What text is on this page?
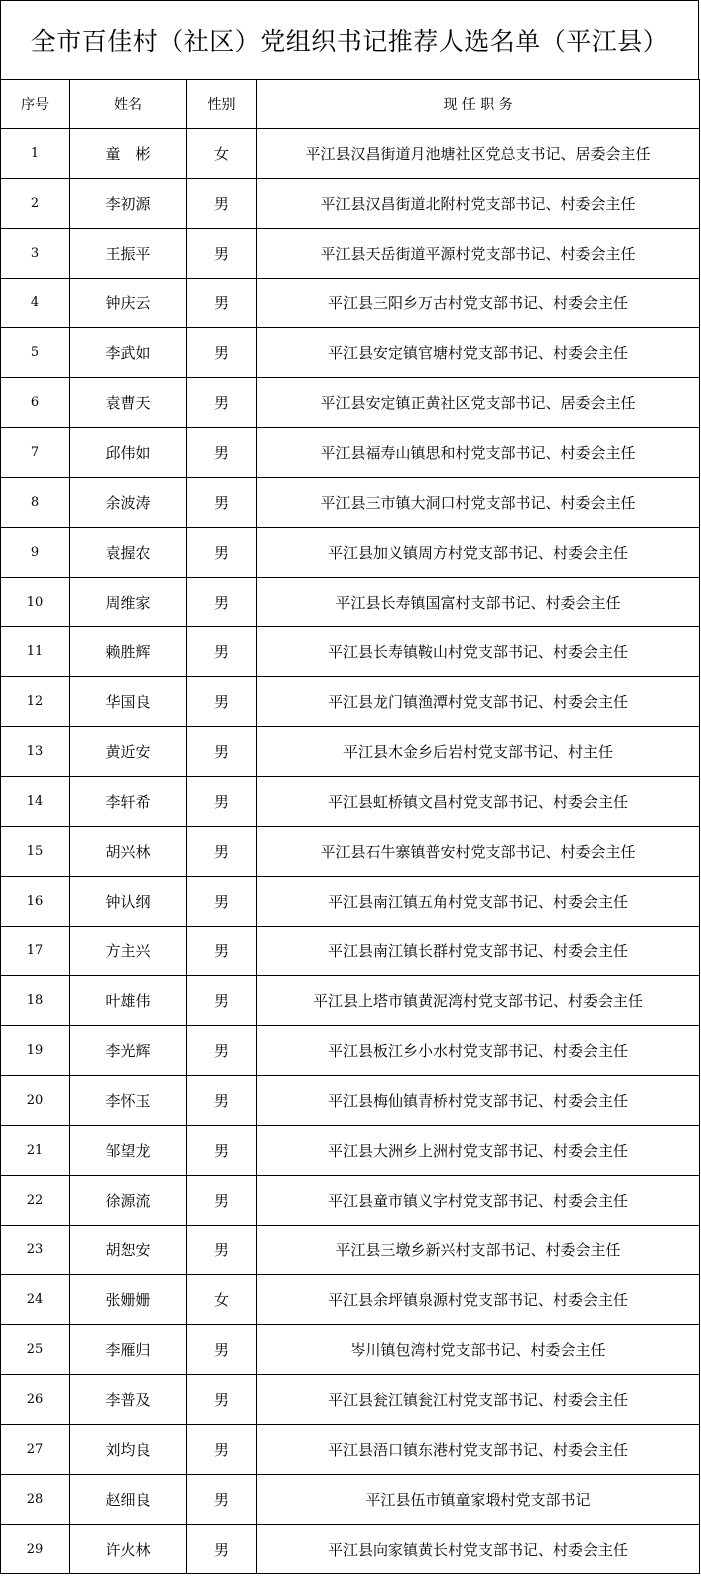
全市百佳村（社区）党组织书记推荐人选名单（平江县）
序号	姓名	性别	现 任 职 务
1	童　彬	女	平江县汉昌街道月池塘社区党总支书记、居委会主任
2	李初源	男	平江县汉昌街道北附村党支部书记、村委会主任
3	王振平	男	平江县天岳街道平源村党支部书记、村委会主任
4	钟庆云	男	平江县三阳乡万古村党支部书记、村委会主任
5	李武如	男	平江县安定镇官塘村党支部书记、村委会主任
6	袁曹天	男	平江县安定镇正黄社区党支部书记、居委会主任
7	邱伟如	男	平江县福寿山镇思和村党支部书记、村委会主任
8	余波涛	男	平江县三市镇大洞口村党支部书记、村委会主任
9	袁握农	男	平江县加义镇周方村党支部书记、村委会主任
10	周维家	男	平江县长寿镇国富村支部书记、村委会主任
11	赖胜辉	男	平江县长寿镇鞍山村党支部书记、村委会主任
12	华国良	男	平江县龙门镇渔潭村党支部书记、村委会主任
13	黄近安	男	平江县木金乡后岩村党支部书记、村主任
14	李轩希	男	平江县虹桥镇文昌村党支部书记、村委会主任
15	胡兴林	男	平江县石牛寨镇普安村党支部书记、村委会主任
16	钟认纲	男	平江县南江镇五角村党支部书记、村委会主任
17	方主兴	男	平江县南江镇长群村党支部书记、村委会主任
18	叶雄伟	男	平江县上塔市镇黄泥湾村党支部书记、村委会主任
19	李光辉	男	平江县板江乡小水村党支部书记、村委会主任
20	李怀玉	男	平江县梅仙镇青桥村党支部书记、村委会主任
21	邹望龙	男	平江县大洲乡上洲村党支部书记、村委会主任
22	徐源流	男	平江县童市镇义字村党支部书记、村委会主任
23	胡恕安	男	平江县三墩乡新兴村支部书记、村委会主任
24	张姗姗	女	平江县余坪镇泉源村党支部书记、村委会主任
25	李雁归	男	岑川镇包湾村党支部书记、村委会主任
26	李普及	男	平江县瓮江镇瓮江村党支部书记、村委会主任
27	刘均良	男	平江县浯口镇东港村党支部书记、村委会主任
28	赵细良	男	平江县伍市镇童家塅村党支部书记
29	许火林	男	平江县向家镇黄长村党支部书记、村委会主任
